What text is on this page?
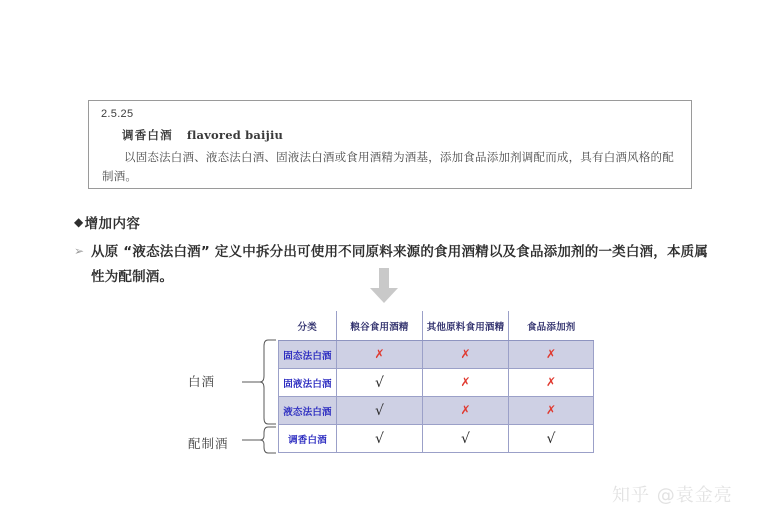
2.5.25
调香白酒 flavored baijiu
以固态法白酒、液态法白酒、固液法白酒或食用酒精为酒基，添加食品添加剂调配而成，具有白酒风格的配制酒。
◆ 增加内容
➢ 从原 “液态法白酒” 定义中拆分出可使用不同原料来源的食用酒精以及食品添加剂的一类白酒，本质属性为配制酒。
白酒
配制酒
分类	粮谷食用酒精	其他原料食用酒精	食品添加剂
固态法白酒	✗	✗	✗
固液法白酒	√	✗	✗
液态法白酒	√	✗	✗
调香白酒	√	√	√
知乎 @袁金亮
